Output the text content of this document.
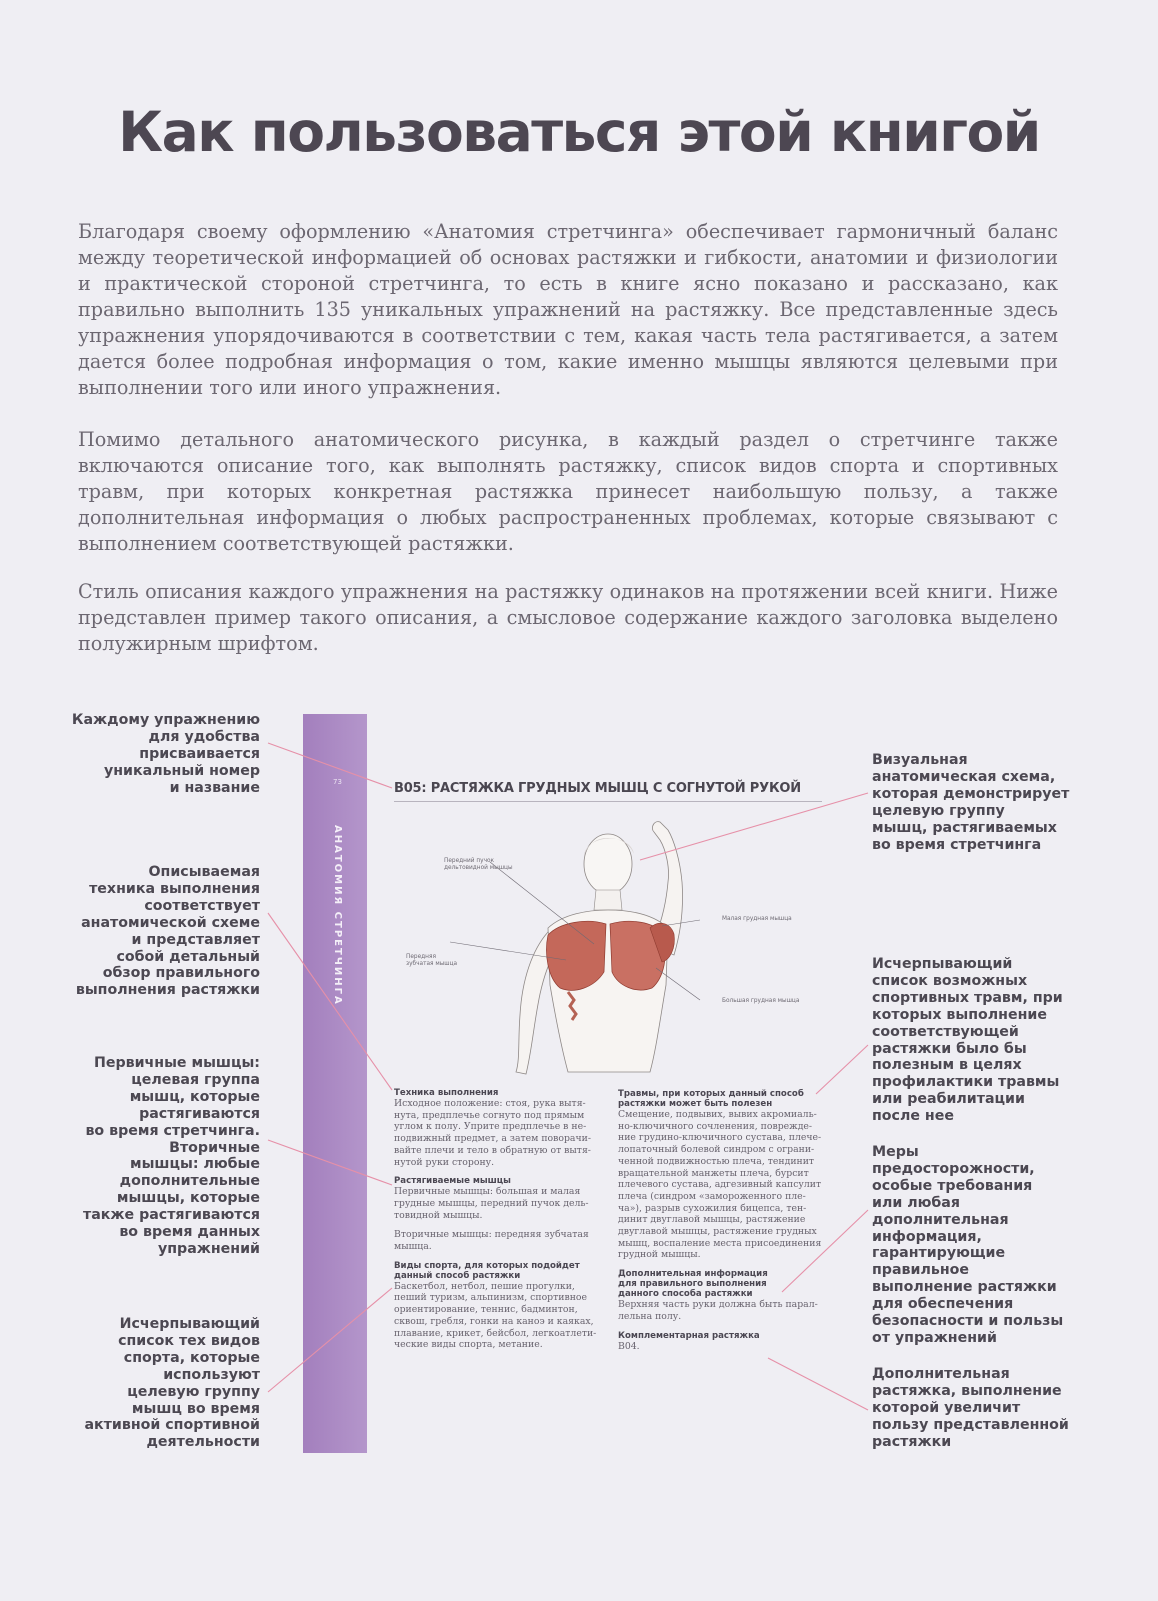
Как пользоваться этой книгой

Благодаря своему оформлению «Анатомия стретчинга» обеспечивает гармоничный баланс между теоретической информацией об основах растяжки и гибкости, анатомии и физиологии и практической стороной стретчинга, то есть в книге ясно показано и рассказано, как правильно выполнить 135 уникальных упражнений на растяжку. Все представленные здесь упражнения упорядочиваются в соответствии с тем, какая часть тела растягивается, а затем дается более подробная информация о том, какие именно мышцы являются целевыми при выполнении того или иного упражнения.

Помимо детального анатомического рисунка, в каждый раздел о стретчинге также включаются описание того, как выполнять растяжку, список видов спорта и спортивных травм, при которых конкретная растяжка принесет наибольшую пользу, а также дополнительная информация о любых распространенных проблемах, которые связывают с выполнением соответствующей растяжки.

Стиль описания каждого упражнения на растяжку одинаков на протяжении всей книги. Ниже представлен пример такого описания, а смысловое содержание каждого заголовка выделено полужирным шрифтом.

Каждому упражнению
для удобства
присваивается
уникальный номер
и название
Описываемая
техника выполнения
соответствует
анатомической схеме
и представляет
собой детальный
обзор правильного
выполнения растяжки
Первичные мышцы:
целевая группа
мышц, которые
растягиваются
во время стретчинга.
Вторичные
мышцы: любые
дополнительные
мышцы, которые
также растягиваются
во время данных
упражнений
Исчерпывающий
список тех видов
спорта, которые
используют
целевую группу
мышц во время
активной спортивной
деятельности
Визуальная
анатомическая схема,
которая демонстрирует
целевую группу
мышц, растягиваемых
во время стретчинга
Исчерпывающий
список возможных
спортивных травм, при
которых выполнение
соответствующей
растяжки было бы
полезным в целях
профилактики травмы
или реабилитации
после нее
Меры
предосторожности,
особые требования
или любая
дополнительная
информация,
гарантирующие
правильное
выполнение растяжки
для обеспечения
безопасности и пользы
от упражнений
Дополнительная
растяжка, выполнение
которой увеличит
пользу представленной
растяжки
73
АНАТОМИЯ СТРЕТЧИНГА
B05: РАСТЯЖКА ГРУДНЫХ МЫШЦ С СОГНУТОЙ РУКОЙ
Передний пучок
дельтовидной мышцы
Передняя
зубчатая мышца
Малая грудная мышца
Большая грудная мышца
Техника выполнения
Исходное положение: стоя, рука вытя-
нута, предплечье согнуто под прямым
углом к полу. Уприте предплечье в не-
подвижный предмет, а затем поворачи-
вайте плечи и тело в обратную от вытя-
нутой руки сторону.
Растягиваемые мышцы
Первичные мышцы: большая и малая
грудные мышцы, передний пучок дель-
товидной мышцы.
Вторичные мышцы: передняя зубчатая
мышца.
Виды спорта, для которых подойдет
данный способ растяжки
Баскетбол, нетбол, пешие прогулки,
пеший туризм, альпинизм, спортивное
ориентирование, теннис, бадминтон,
сквош, гребля, гонки на каноэ и каяках,
плавание, крикет, бейсбол, легкоатлети-
ческие виды спорта, метание.
Травмы, при которых данный способ
растяжки может быть полезен
Смещение, подвывих, вывих акромиаль-
но-ключичного сочленения, поврежде-
ние грудино-ключичного сустава, плече-
лопаточный болевой синдром с ограни-
ченной подвижностью плеча, тендинит
вращательной манжеты плеча, бурсит
плечевого сустава, адгезивный капсулит
плеча (синдром «замороженного пле-
ча»), разрыв сухожилия бицепса, тен-
динит двуглавой мышцы, растяжение
двуглавой мышцы, растяжение грудных
мышц, воспаление места присоединения
грудной мышцы.
Дополнительная информация
для правильного выполнения
данного способа растяжки
Верхняя часть руки должна быть парал-
лельна полу.
Комплементарная растяжка
B04.
